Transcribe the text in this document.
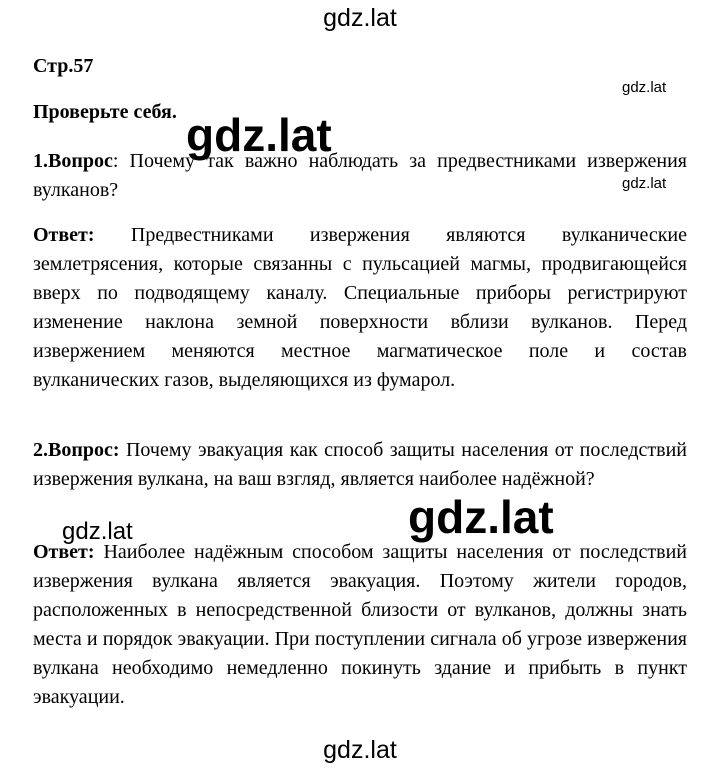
gdz.lat
Стр.57
Проверьте себя.
1.Вопрос: Почему так важно наблюдать за предвестниками извержения вулканов?
Ответ: Предвестниками извержения являются вулканические землетрясения, которые связанны с пульсацией магмы, продвигающейся вверх по подводящему каналу. Специальные приборы регистрируют изменение наклона земной поверхности вблизи вулканов. Перед извержением меняются местное магматическое поле и состав вулканических газов, выделяющихся из фумарол.
2.Вопрос: Почему эвакуация как способ защиты населения от последствий извержения вулкана, на ваш взгляд, является наиболее надёжной?
Ответ: Наиболее надёжным способом защиты населения от последствий извержения вулкана является эвакуация. Поэтому жители городов, расположенных в непосредственной близости от вулканов, должны знать места и порядок эвакуации. При поступлении сигнала об угрозе извержения вулкана необходимо немедленно покинуть здание и прибыть в пункт эвакуации.
gdz.lat
gdz.lat
gdz.lat
gdz.lat
gdz.lat
gdz.lat
